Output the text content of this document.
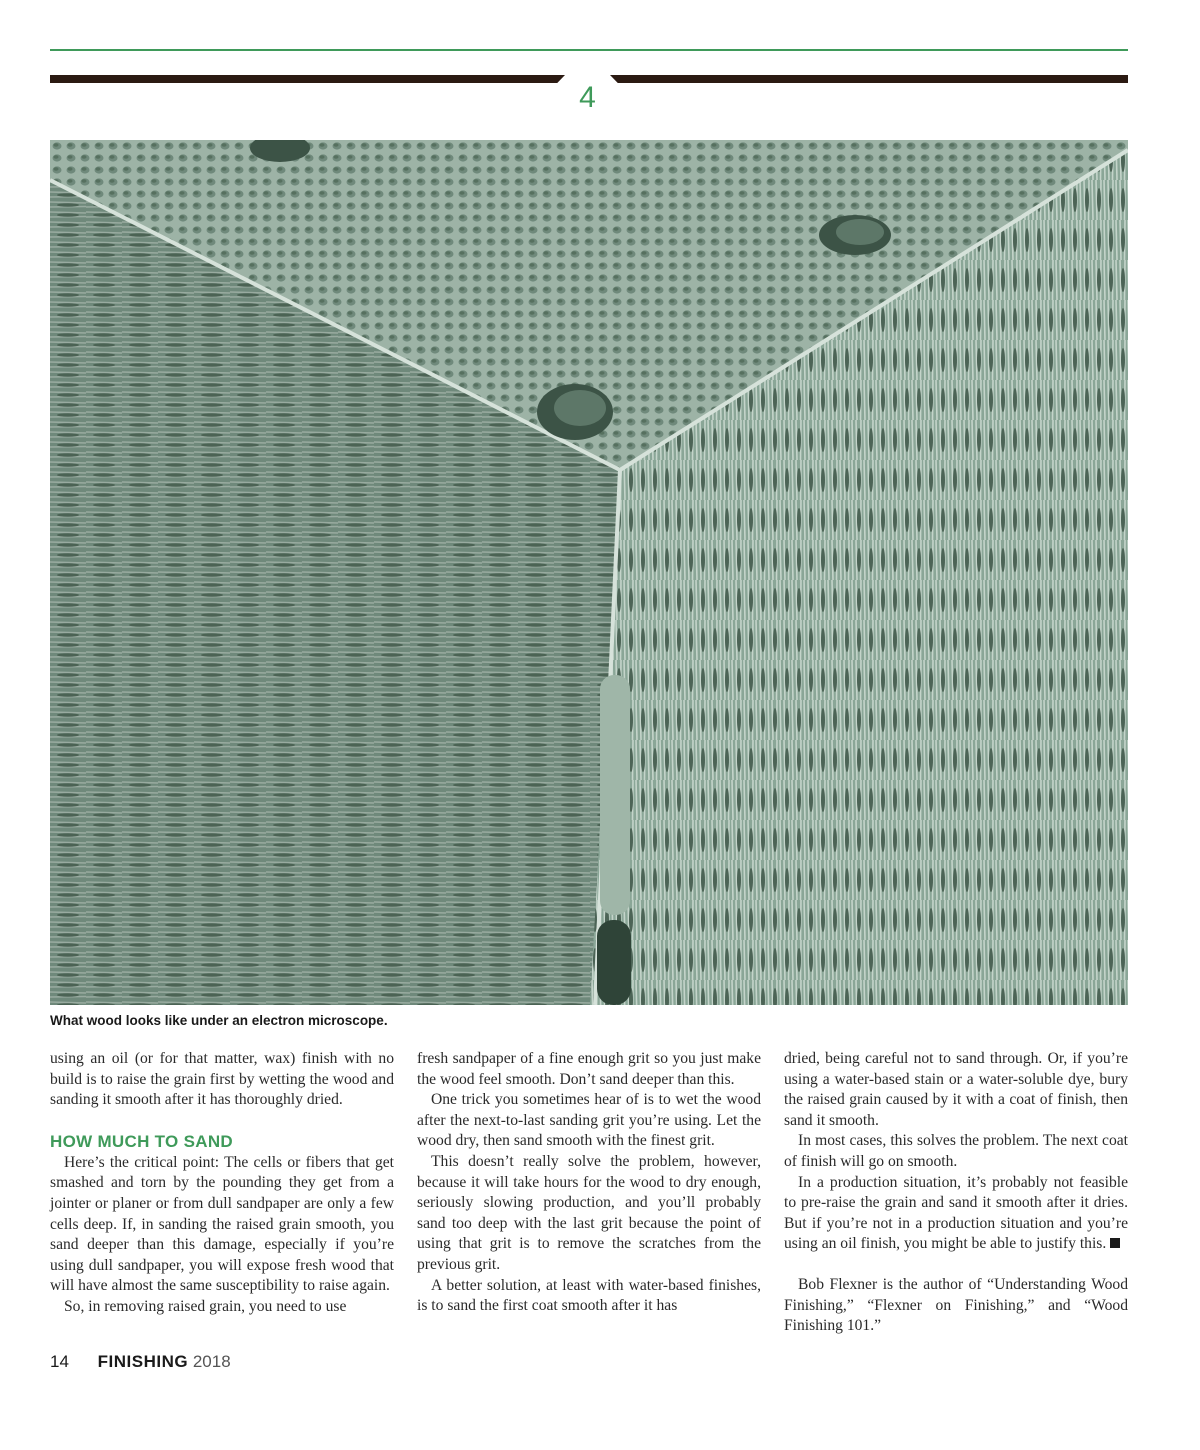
4
What wood looks like under an electron microscope.

using an oil (or for that matter, wax) finish with no build is to raise the grain first by wetting the wood and sanding it smooth after it has thoroughly dried.

HOW MUCH TO SAND

Here’s the critical point: The cells or fibers that get smashed and torn by the pounding they get from a jointer or planer or from dull sandpaper are only a few cells deep. If, in sanding the raised grain smooth, you sand deeper than this damage, especially if you’re using dull sandpaper, you will expose fresh wood that will have almost the same susceptibility to raise again.

So, in removing raised grain, you need to use

fresh sandpaper of a fine enough grit so you just make the wood feel smooth. Don’t sand deeper than this.

One trick you sometimes hear of is to wet the wood after the next-to-last sanding grit you’re using. Let the wood dry, then sand smooth with the finest grit.

This doesn’t really solve the problem, however, because it will take hours for the wood to dry enough, seriously slowing production, and you’ll probably sand too deep with the last grit because the point of using that grit is to remove the scratches from the previous grit.

A better solution, at least with water-based finishes, is to sand the first coat smooth after it has

dried, being careful not to sand through. Or, if you’re using a water-based stain or a water-soluble dye, bury the raised grain caused by it with a coat of finish, then sand it smooth.

In most cases, this solves the problem. The next coat of finish will go on smooth.

In a production situation, it’s probably not feasible to pre-raise the grain and sand it smooth after it dries. But if you’re not in a production situation and you’re using an oil finish, you might be able to justify this.

Bob Flexner is the author of “Understanding Wood Finishing,” “Flexner on Finishing,” and “Wood Finishing 101.”

14 FINISHING 2018
